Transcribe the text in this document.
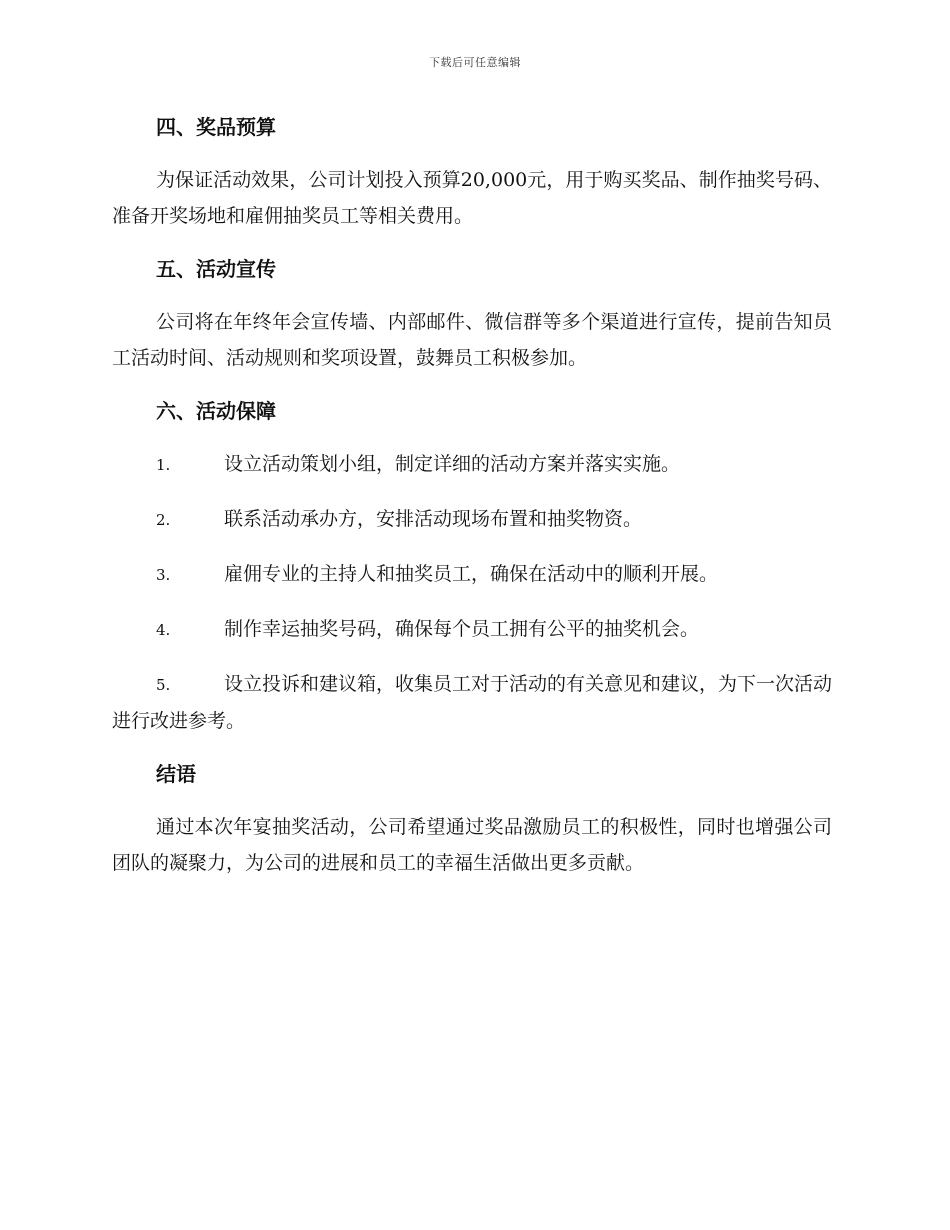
下载后可任意编辑
四、奖品预算
为保证活动效果，公司计划投入预算20,000元，用于购买奖品、制作抽奖号码、准备开奖场地和雇佣抽奖员工等相关费用。
五、活动宣传
公司将在年终年会宣传墙、内部邮件、微信群等多个渠道进行宣传，提前告知员工活动时间、活动规则和奖项设置，鼓舞员工积极参加。
六、活动保障
1.	设立活动策划小组，制定详细的活动方案并落实实施。
2.	联系活动承办方，安排活动现场布置和抽奖物资。
3.	雇佣专业的主持人和抽奖员工，确保在活动中的顺利开展。
4.	制作幸运抽奖号码，确保每个员工拥有公平的抽奖机会。
5.	设立投诉和建议箱，收集员工对于活动的有关意见和建议，为下一次活动进行改进参考。
结语
通过本次年宴抽奖活动，公司希望通过奖品激励员工的积极性，同时也增强公司团队的凝聚力，为公司的进展和员工的幸福生活做出更多贡献。
